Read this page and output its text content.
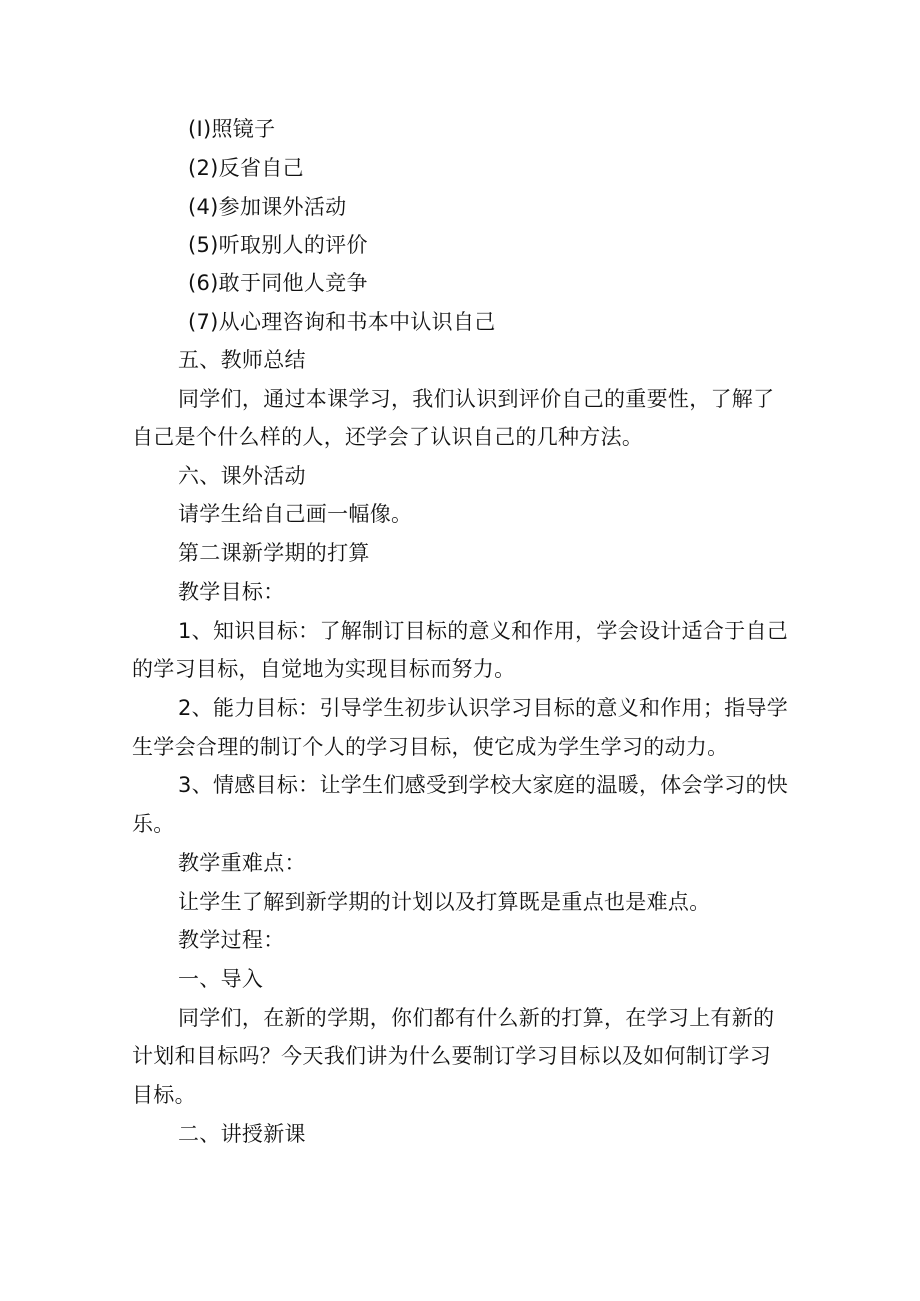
(I)照镜子
(2)反省自己
(4)参加课外活动
(5)听取别人的评价
(6)敢于同他人竞争
(7)从心理咨询和书本中认识自己
五、教师总结
同学们，通过本课学习，我们认识到评价自己的重要性，了解了
自己是个什么样的人，还学会了认识自己的几种方法。
六、课外活动
请学生给自己画一幅像。
第二课新学期的打算
教学目标：
1、知识目标：了解制订目标的意义和作用，学会设计适合于自己
的学习目标，自觉地为实现目标而努力。
2、能力目标：引导学生初步认识学习目标的意义和作用；指导学
生学会合理的制订个人的学习目标，使它成为学生学习的动力。
3、情感目标：让学生们感受到学校大家庭的温暖，体会学习的快
乐。
教学重难点：
让学生了解到新学期的计划以及打算既是重点也是难点。
教学过程：
一、导入
同学们，在新的学期，你们都有什么新的打算，在学习上有新的
计划和目标吗？今天我们讲为什么要制订学习目标以及如何制订学习
目标。
二、讲授新课
